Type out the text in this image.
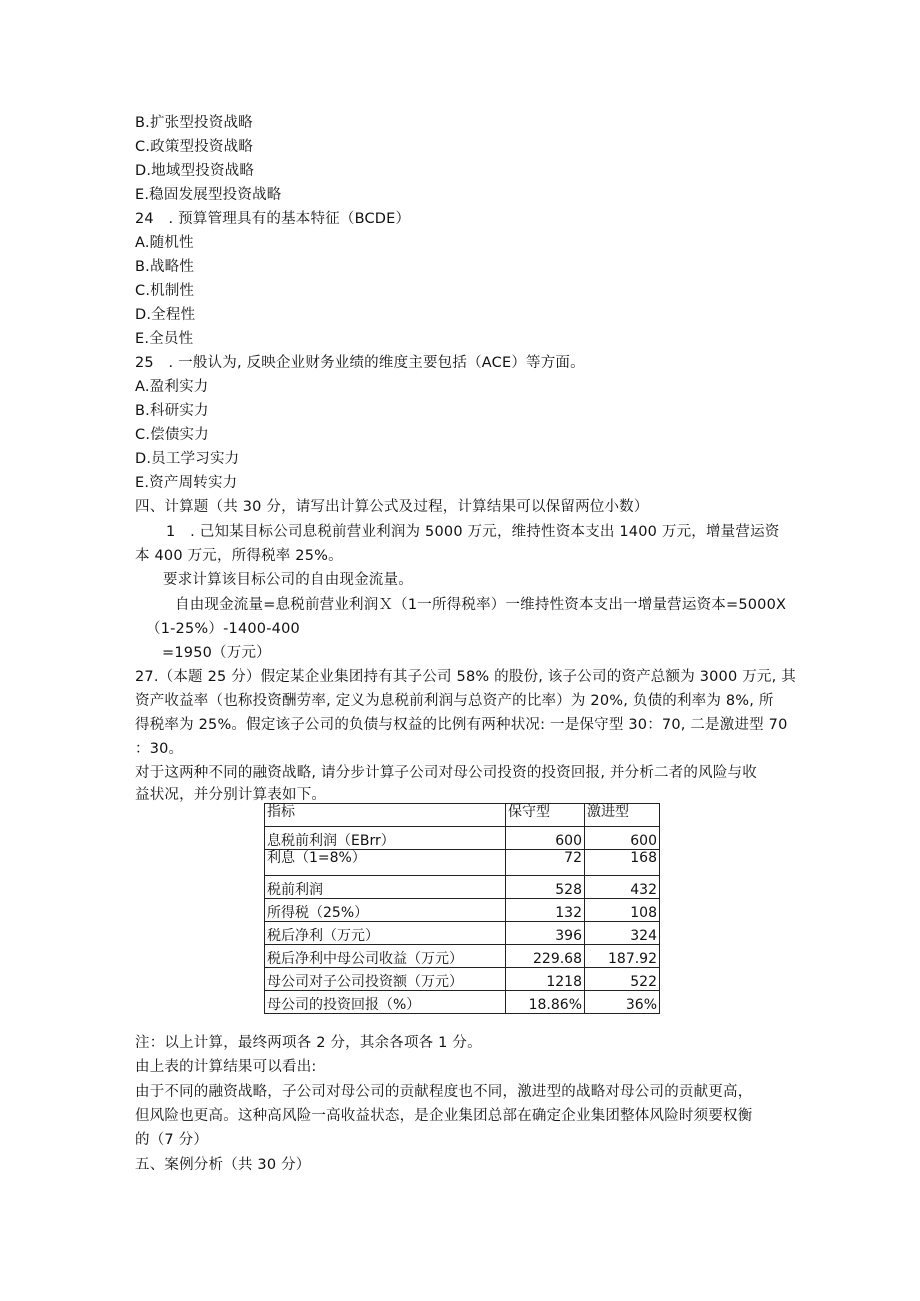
B.扩张型投资战略
C.政策型投资战略
D.地域型投资战略
E.稳固发展型投资战略
24　. 预算管理具有的基本特征（BCDE）
A.随机性
B.战略性
C.机制性
D.全程性
E.全员性
25　. 一般认为, 反映企业财务业绩的维度主要包括（ACE）等方面。
A.盈利实力
B.科研实力
C.偿债实力
D.员工学习实力
E.资产周转实力
四、计算题（共 30 分，请写出计算公式及过程，计算结果可以保留两位小数）
1　. 己知某目标公司息税前营业利润为 5000 万元，维持性资本支出 1400 万元，增量营运资
本 400 万元，所得税率 25%。
要求计算该目标公司的自由现金流量。
自由现金流量=息税前营业利润Ｘ（1一所得税率）一维持性资本支出一增量营运资本=5000X
（1-25%）-1400-400
=1950（万元）
27.（本题 25 分）假定某企业集团持有其子公司 58% 的股份, 该子公司的资产总额为 3000 万元, 其
资产收益率（也称投资酬劳率, 定义为息税前利润与总资产的比率）为 20%, 负债的利率为 8%, 所
得税率为 25%。假定该子公司的负债与权益的比例有两种状况: 一是保守型 30：70, 二是激进型 70
：30。
对于这两种不同的融资战略, 请分步计算子公司对母公司投资的投资回报, 并分析二者的风险与收
益状况，并分别计算表如下。
指标	保守型	激进型
息税前利润（EBrr）	600	600
利息（1=8%）	72	168
税前利润	528	432
所得税（25%）	132	108
税后净利（万元）	396	324
税后净利中母公司收益（万元）	229.68	187.92
母公司对子公司投资额（万元）	1218	522
母公司的投资回报（%）	18.86%	36%
注：以上计算，最终两项各 2 分，其余各项各 1 分。
由上表的计算结果可以看出:
由于不同的融资战略，子公司对母公司的贡献程度也不同，激进型的战略对母公司的贡献更高，
但风险也更高。这种高风险一高收益状态，是企业集团总部在确定企业集团整体风险时须要权衡
的（7 分）
五、案例分析（共 30 分）
